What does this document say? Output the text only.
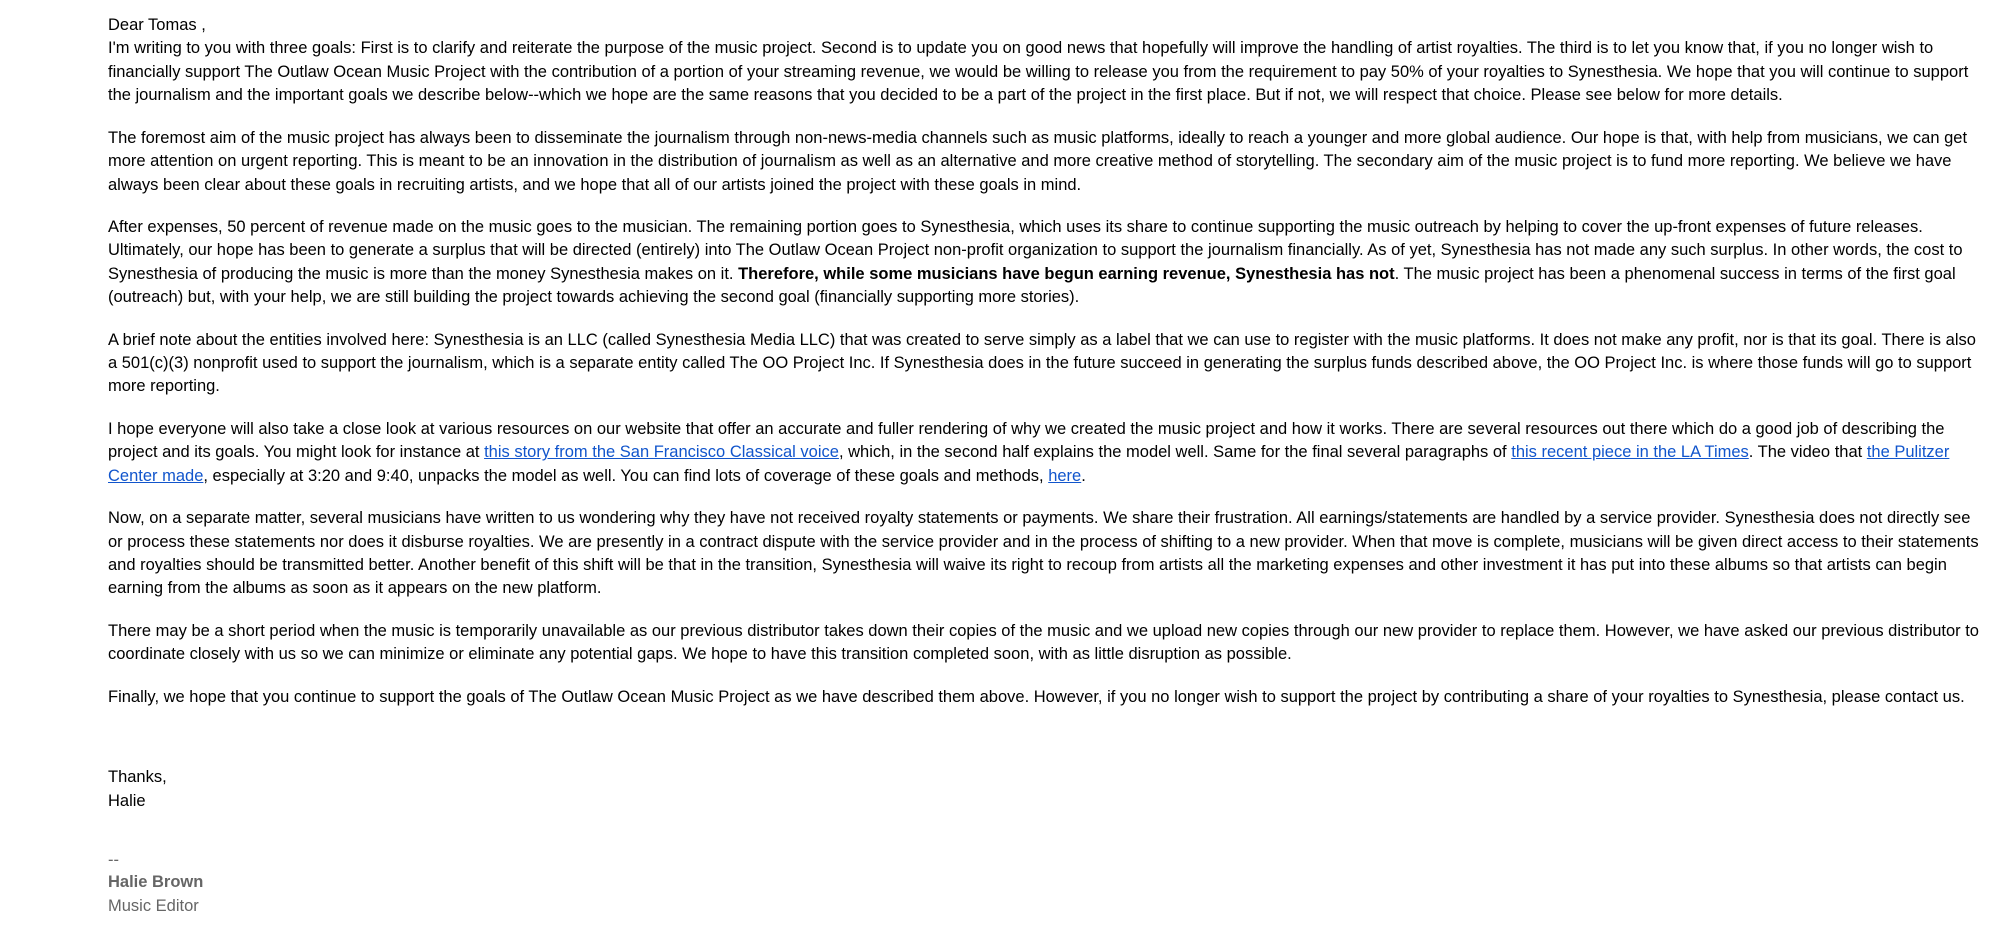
Dear Tomas ,

I'm writing to you with three goals: First is to clarify and reiterate the purpose of the music project. Second is to update you on good news that hopefully will improve the handling of artist royalties. The third is to let you know that, if you no longer wish to financially support The Outlaw Ocean Music Project with the contribution of a portion of your streaming revenue, we would be willing to release you from the requirement to pay 50% of your royalties to Synesthesia. We hope that you will continue to support the journalism and the important goals we describe below--which we hope are the same reasons that you decided to be a part of the project in the first place. But if not, we will respect that choice. Please see below for more details.

The foremost aim of the music project has always been to disseminate the journalism through non-news-media channels such as music platforms, ideally to reach a younger and more global audience. Our hope is that, with help from musicians, we can get more attention on urgent reporting. This is meant to be an innovation in the distribution of journalism as well as an alternative and more creative method of storytelling. The secondary aim of the music project is to fund more reporting. We believe we have always been clear about these goals in recruiting artists, and we hope that all of our artists joined the project with these goals in mind.

After expenses, 50 percent of revenue made on the music goes to the musician. The remaining portion goes to Synesthesia, which uses its share to continue supporting the music outreach by helping to cover the up-front expenses of future releases. Ultimately, our hope has been to generate a surplus that will be directed (entirely) into The Outlaw Ocean Project non-profit organization to support the journalism financially. As of yet, Synesthesia has not made any such surplus. In other words, the cost to Synesthesia of producing the music is more than the money Synesthesia makes on it. Therefore, while some musicians have begun earning revenue, Synesthesia has not. The music project has been a phenomenal success in terms of the first goal (outreach) but, with your help, we are still building the project towards achieving the second goal (financially supporting more stories).

A brief note about the entities involved here: Synesthesia is an LLC (called Synesthesia Media LLC) that was created to serve simply as a label that we can use to register with the music platforms. It does not make any profit, nor is that its goal. There is also a 501(c)(3) nonprofit used to support the journalism, which is a separate entity called The OO Project Inc. If Synesthesia does in the future succeed in generating the surplus funds described above, the OO Project Inc. is where those funds will go to support more reporting.

I hope everyone will also take a close look at various resources on our website that offer an accurate and fuller rendering of why we created the music project and how it works. There are several resources out there which do a good job of describing the project and its goals. You might look for instance at this story from the San Francisco Classical voice, which, in the second half explains the model well. Same for the final several paragraphs of this recent piece in the LA Times. The video that the Pulitzer Center made, especially at 3:20 and 9:40, unpacks the model as well. You can find lots of coverage of these goals and methods, here.

Now, on a separate matter, several musicians have written to us wondering why they have not received royalty statements or payments. We share their frustration. All earnings/statements are handled by a service provider. Synesthesia does not directly see or process these statements nor does it disburse royalties. We are presently in a contract dispute with the service provider and in the process of shifting to a new provider. When that move is complete, musicians will be given direct access to their statements and royalties should be transmitted better. Another benefit of this shift will be that in the transition, Synesthesia will waive its right to recoup from artists all the marketing expenses and other investment it has put into these albums so that artists can begin earning from the albums as soon as it appears on the new platform.

There may be a short period when the music is temporarily unavailable as our previous distributor takes down their copies of the music and we upload new copies through our new provider to replace them. However, we have asked our previous distributor to coordinate closely with us so we can minimize or eliminate any potential gaps. We hope to have this transition completed soon, with as little disruption as possible.

Finally, we hope that you continue to support the goals of The Outlaw Ocean Music Project as we have described them above. However, if you no longer wish to support the project by contributing a share of your royalties to Synesthesia, please contact us.

Thanks,

Halie

--
Halie Brown
Music Editor
